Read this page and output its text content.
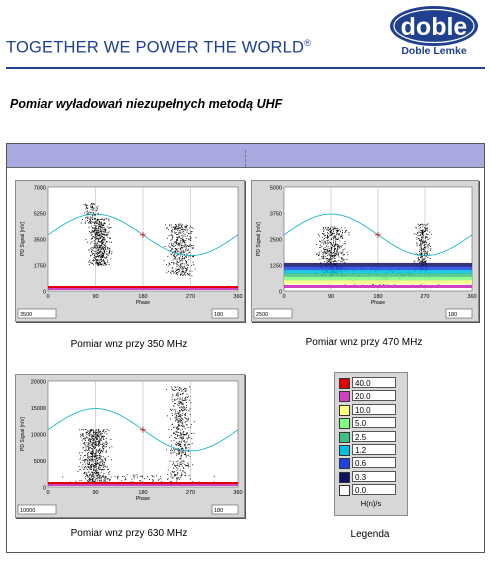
TOGETHER WE POWER THE WORLD®
doble
Doble Lemke
Pomiar wyładowań niezupełnych metodą UHF
7000
5250
3500
1750
0
0	90	180	270	360
Phase
PD Signal [mV]
3500	180
Pomiar wnz przy 350 MHz
5000
3750
2500
1250
0
0	90	180	270	360
Phase
PD Signal [mV]
2500	180
Pomiar wnz przy 470 MHz
20000
15000
10000
5000
0
0	90	180	270	360
Phase
PD Signal [mV]
10000	180
Pomiar wnz przy 630 MHz
H(n)/s
40.0
20.0
10.0
5.0
2.5
1.2
0.6
0.3
0.0
Legenda
